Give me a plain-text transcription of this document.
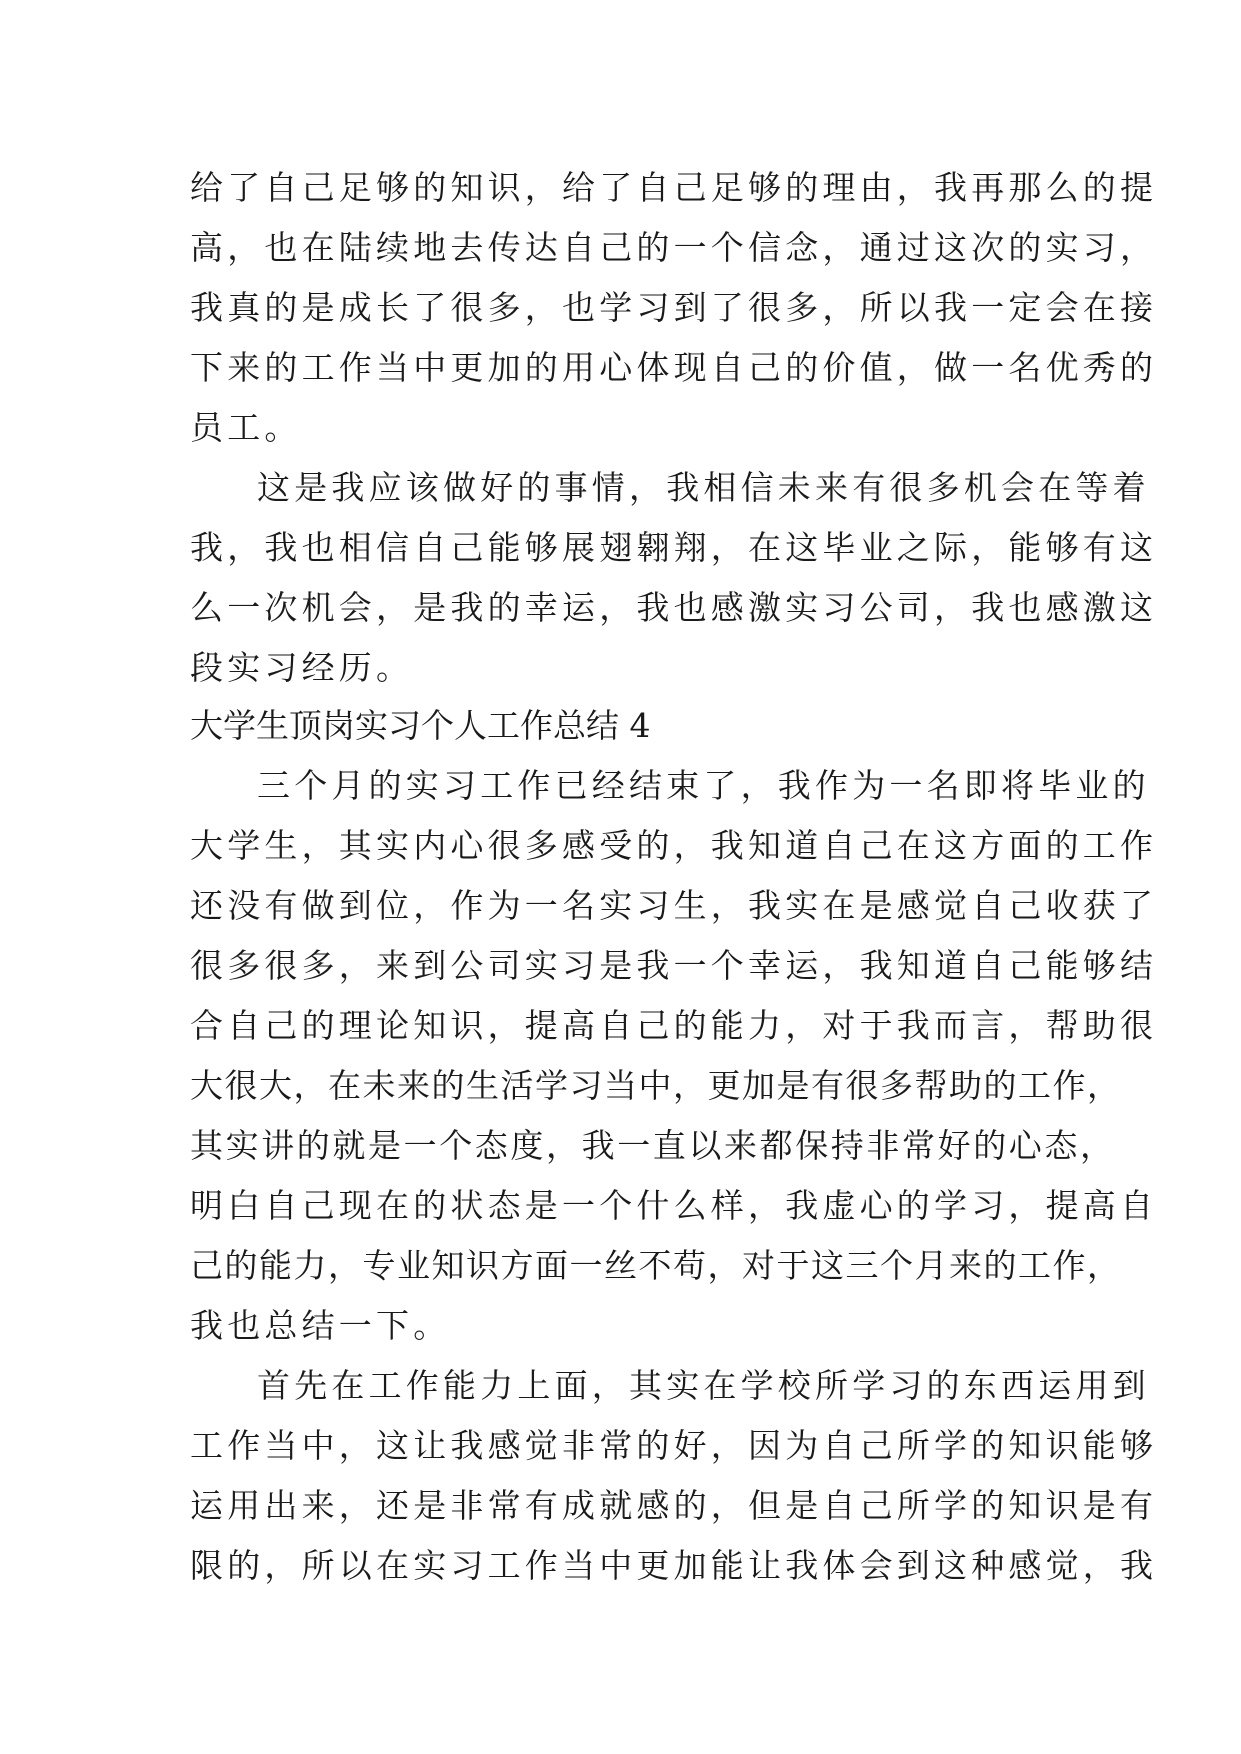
给了自己足够的知识，给了自己足够的理由，我再那么的提
高，也在陆续地去传达自己的一个信念，通过这次的实习，
我真的是成长了很多，也学习到了很多，所以我一定会在接
下来的工作当中更加的用心体现自己的价值，做一名优秀的
员工。
这是我应该做好的事情，我相信未来有很多机会在等着
我，我也相信自己能够展翅翱翔，在这毕业之际，能够有这
么一次机会，是我的幸运，我也感激实习公司，我也感激这
段实习经历。
大学生顶岗实习个人工作总结 4
三个月的实习工作已经结束了，我作为一名即将毕业的
大学生，其实内心很多感受的，我知道自己在这方面的工作
还没有做到位，作为一名实习生，我实在是感觉自己收获了
很多很多，来到公司实习是我一个幸运，我知道自己能够结
合自己的理论知识，提高自己的能力，对于我而言，帮助很
大很大，在未来的生活学习当中，更加是有很多帮助的工作，
其实讲的就是一个态度，我一直以来都保持非常好的心态，
明白自己现在的状态是一个什么样，我虚心的学习，提高自
己的能力，专业知识方面一丝不苟，对于这三个月来的工作，
我也总结一下。
首先在工作能力上面，其实在学校所学习的东西运用到
工作当中，这让我感觉非常的好，因为自己所学的知识能够
运用出来，还是非常有成就感的，但是自己所学的知识是有
限的，所以在实习工作当中更加能让我体会到这种感觉，我
